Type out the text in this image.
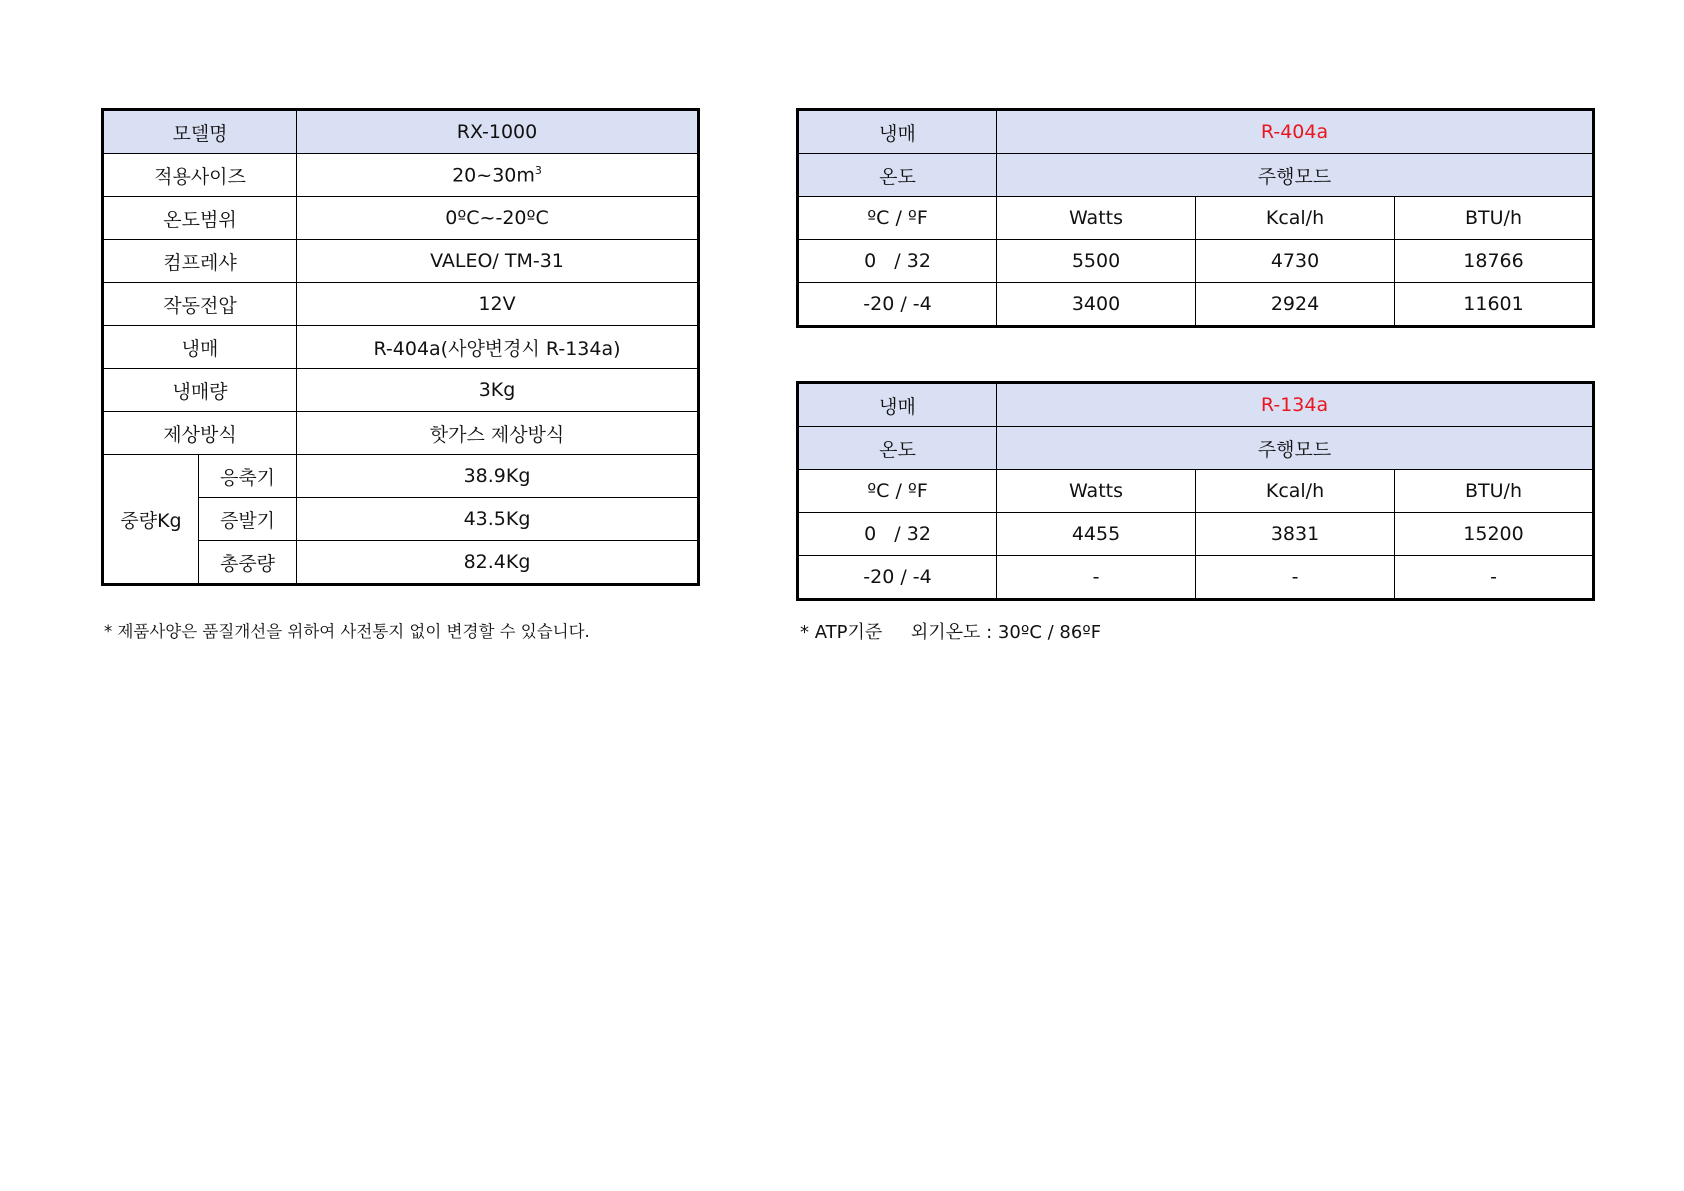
모델명		RX-1000
적용사이즈		$20\sim 30m^3$
온도범위		0ºC~-20ºC
컴프레샤		VALEO/ TM-31
작동전압		12V
냉매		R-404a(사양변경시 R-134a)
냉매량		3Kg
제상방식		핫가스 제상방식
중량Kg	응축기	38.9Kg
	증발기	43.5Kg
	총중량	82.4Kg
* 제품사양은 품질개선을 위하여 사전통지 없이 변경할 수 있습니다.
냉매	R-404a		
온도	주행모드		
ºC / ºF	Watts	Kcal/h	BTU/h
0   / 32	5500	4730	18766
-20 / -4	3400	2924	11601
냉매	R-134a		
온도	주행모드		
ºC / ºF	Watts	Kcal/h	BTU/h
0   / 32	4455	3831	15200
-20 / -4	-	-	-
* ATP기준     외기온도 : 30ºC / 86ºF
